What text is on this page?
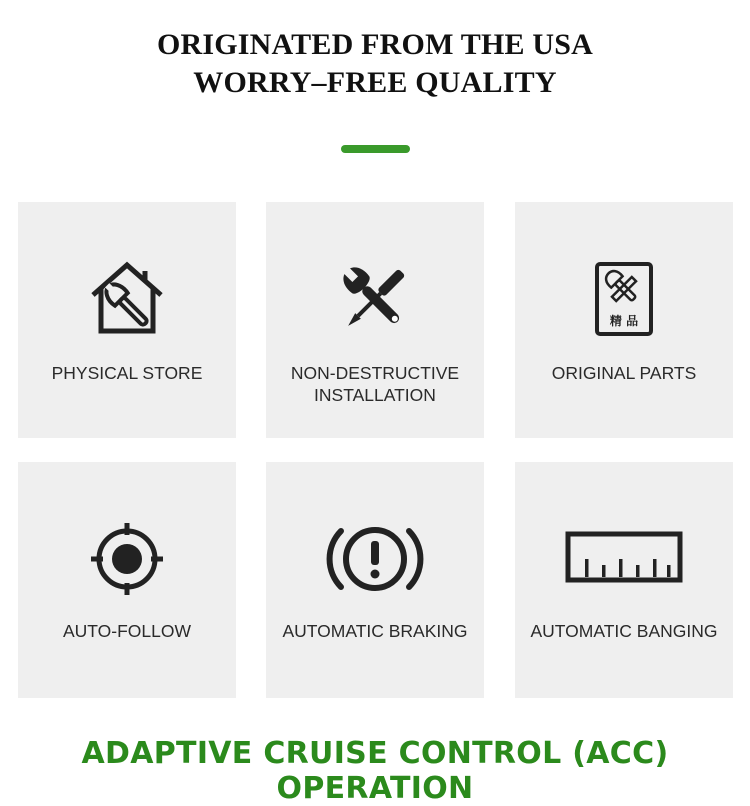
ORIGINATED FROM THE USA
WORRY–FREE QUALITY
PHYSICAL STORE	NON-DESTRUCTIVE
INSTALLATION
精 品
ORIGINAL PARTS
AUTO-FOLLOW	AUTOMATIC BRAKING	AUTOMATIC BANGING
ADAPTIVE CRUISE CONTROL (ACC) OPERATION
